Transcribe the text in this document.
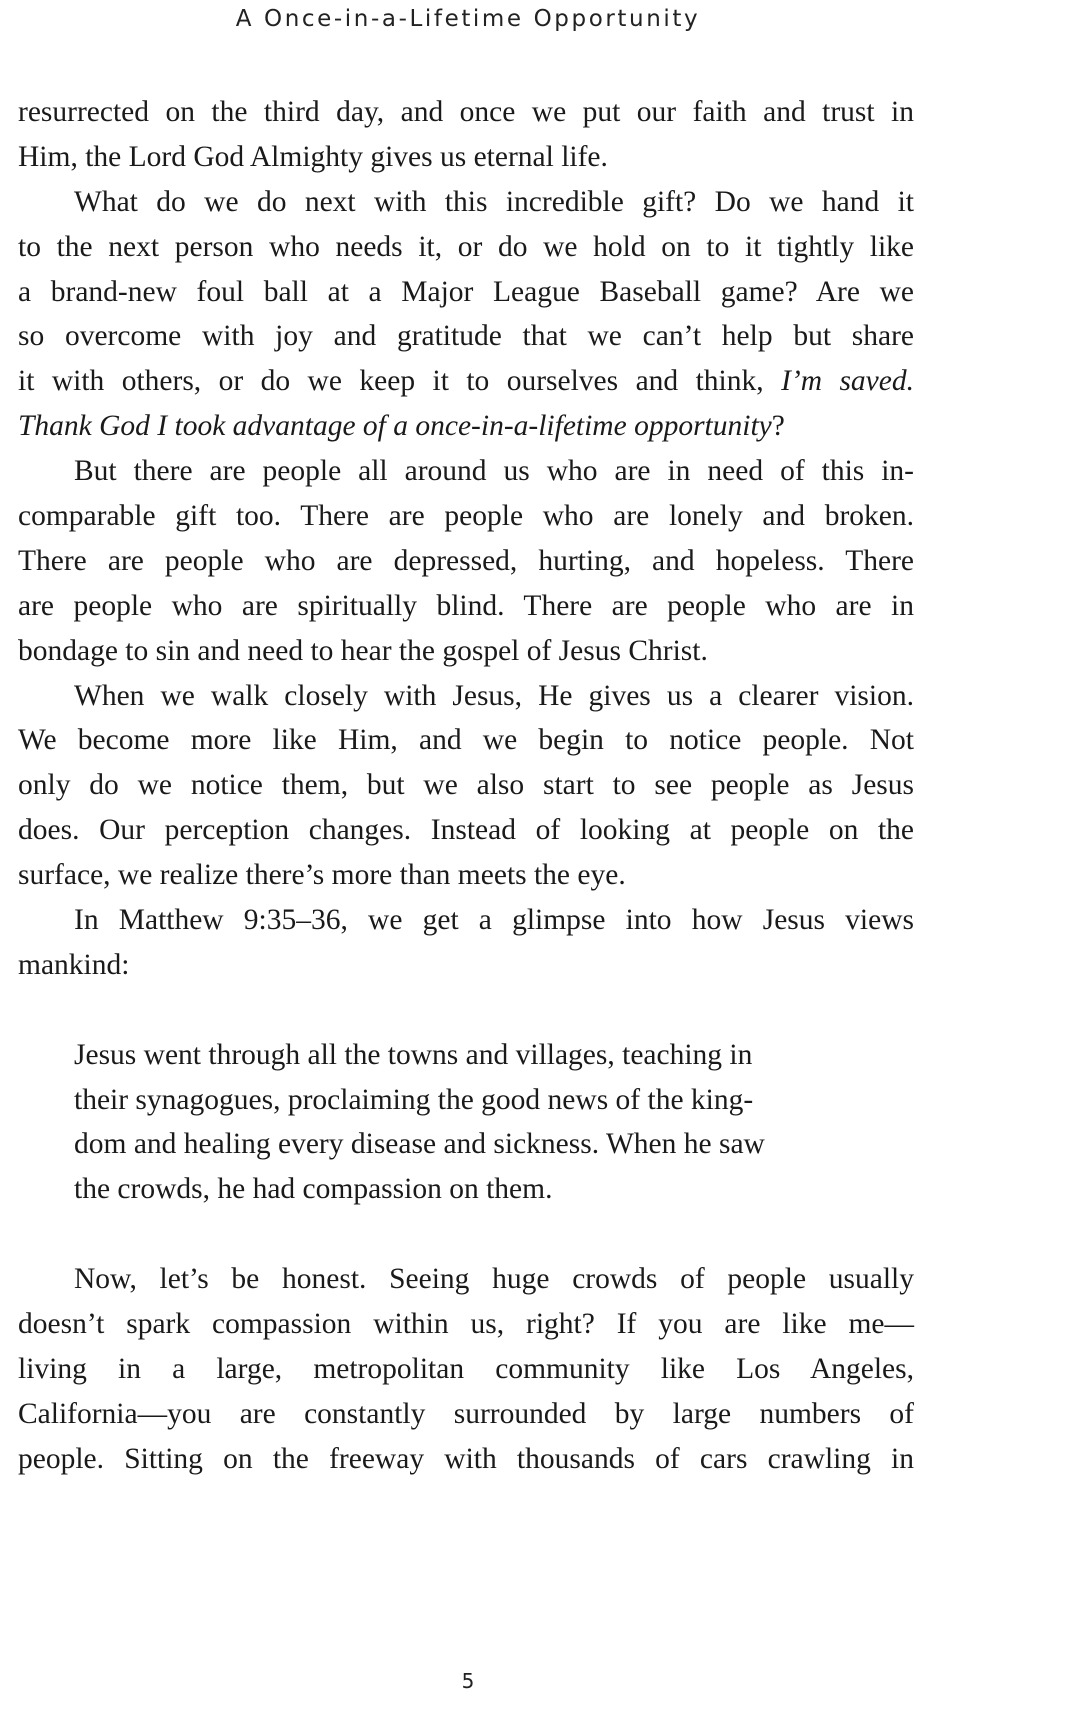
A Once-in-a-Lifetime Opportunity
resurrected on the third day, and once we put our faith and trust in
Him, the Lord God Almighty gives us eternal life.
What do we do next with this incredible gift? Do we hand it
to the next person who needs it, or do we hold on to it tightly like
a brand-new foul ball at a Major League Baseball game? Are we
so overcome with joy and gratitude that we can’t help but share
it with others, or do we keep it to ourselves and think, I’m saved.
Thank God I took advantage of a once-in-a-lifetime opportunity?
But there are people all around us who are in need of this in-
comparable gift too. There are people who are lonely and broken.
There are people who are depressed, hurting, and hopeless. There
are people who are spiritually blind. There are people who are in
bondage to sin and need to hear the gospel of Jesus Christ.
When we walk closely with Jesus, He gives us a clearer vision.
We become more like Him, and we begin to notice people. Not
only do we notice them, but we also start to see people as Jesus
does. Our perception changes. Instead of looking at people on the
surface, we realize there’s more than meets the eye.
In Matthew 9:35–36, we get a glimpse into how Jesus views
mankind:
Jesus went through all the towns and villages, teaching in
their synagogues, proclaiming the good news of the king-
dom and healing every disease and sickness. When he saw
the crowds, he had compassion on them.
Now, let’s be honest. Seeing huge crowds of people usually
doesn’t spark compassion within us, right? If you are like me—
living in a large, metropolitan community like Los Angeles,
California—you are constantly surrounded by large numbers of
people. Sitting on the freeway with thousands of cars crawling in
5
